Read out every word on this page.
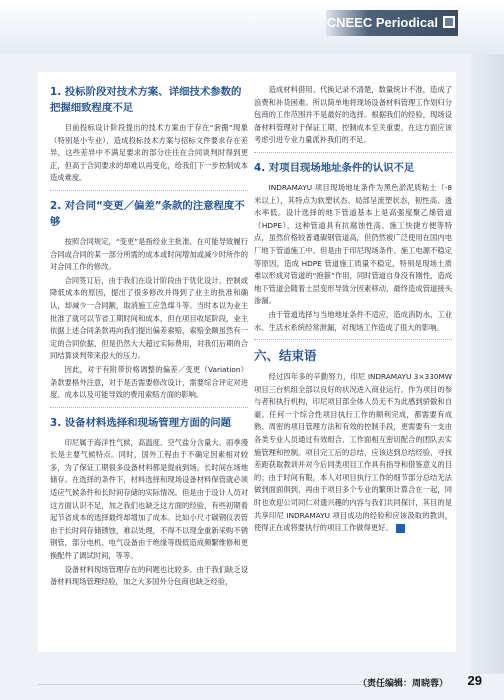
CNEEC Periodical
1. 投标阶段对技术方案、详细技术参数的把握细致程度不足

目前投标设计阶段提出的技术方案由于存在“套搬”现象（特别是小专业），造成投标技术方案与招标文件要求存在差异，这些差异中不满足要求的部分往往在合同谈判时得到更正，但高于合同要求的却难以再变化，给我们下一步控制成本造成难度。

2. 对合同“变更／偏差”条款的注意程度不够

按照合同规定，“变更”是指经业主批准、在可能导致履行合同或合同的某一部分所需的成本或时间增加或减少时所作的对合同工作的修改。

合同签订后，由于我们在设计阶段由于优化设计、控制或降低成本的原因，提出了很多修改并得到了业主的批准和确认，却减少一合同额，取消施工应急煤斗等。当时本以为业主批准了就可以节省工期时间和成本，但在项目收尾阶段，业主依据上述合同条款再向我们提出偏差索赔，索赔金额虽然有一定的合同依据，但是仍然大大超过实际费用，对我们后期的合同结算谈判带来很大的压力。

因此，对于有附带价格调整的偏差／变更（Variation）条款要格外注意，对于是否需要修改设计，需要综合评定对进度、成本以及可能导致的费用索赔方面的影响。

3. 设备材料选择和现场管理方面的问题

印尼属于海洋性气候，高温度、空气盐分含量大、雨季漫长是主要气候特点。同时，国外工程由于不确定因素相对较多，为了保证工期很多设备材料都是提前到场，长时间在场地储存。在选择的条件下，材料选择和现场设备材料保管就必须适应气候条件和长时间存储的实际情况。但是由于设计人员对这方面认识不足，加之我们也缺乏这方面的经验，有些初期看起节省成本的选择最终却增加了成本。比如小尺寸碳钢仪表管由于长时间存储锈蚀，难以处理，不得不以现金重新采购不锈钢管，部分电机、电气设备由于绝缘等级低造成频繁维修和更换配件了调试时间，等等。

设备材料现场管理存在的问题也比较多。由于我们缺乏设备材料现场管理经验，加之大多国外分包商也缺乏经验，

造成材料借用、代换记录不清楚，数量统计不准，造成了浪费和补货困难。所以简单地将现场设备材料管理工作划归分包商的工作范围并不是最好的选择。根据我们的经验，现场设备材料管理对于保证工期、控制成本至关重要，在这方面应该考虑引进专业力量派补我们的不足。

4. 对项目现场地址条件的认识不足

INDRAMAYU 项目现场地址条件为黑色淤泥质粘土（-8米以上），其特点为软塑状态、局部呈流塑状态，韧性高、透水率低。设计选择的地下管道基本上是高强度聚乙烯管道（HDPE），这种管道具有抗腐蚀性高、施工快捷方便等特点，虽然价格较普通碳钢管道高，但仍然被广泛使用在国内电厂地下管道施工中。但是由于印尼现场条件、施工电源不稳定等原因，造成 HDPE 管道施工质量不稳定，特别是现场土质难以形成对管道的“抱箍”作用，同时管道自身没有刚性，造成地下管道会随着土层变形导致分因素移动，最终造成管道接头渗漏。

由于管道选择与当地地址条件不适应，造成消防水、工业水、生活水系统经常泄漏，对现场工作造成了很大的影响。

六、结束语

经过四年多的辛勤努力，印尼 INDRAMAYU 3×330MW 项目三台机组全部以良好的状况进入商业运行。作为项目的参与者和执行机构，印尼项目部全体人员无不为此感到骄傲和自豪。任何一个综合性项目执行工作的顺利完成，都需要有成熟、周密的项目管理方法和有效的控制手段，更需要有一支由各类专业人员通过有效组合、工作面相互密切配合的团队去实施管理和控制。项目完工后的总结，应该达到总结经验、寻找差距获取教训并对今后同类项目工作具有指导和借鉴意义的目的；由于时间有限，本人对项目执行工作的细节部分总结无法做到面面俱到，再由于项目多个专业的繁琐计算合在一起，同时也欢迎公司同仁对遗兴趣的内容与我们共同探讨，其目的是共享印尼 INDRAMAYU 项目成功的经验和应该汲取的教训，使得正在或将要执行的项目工作做得更好。

（责任编辑：周晓蓉） 29
